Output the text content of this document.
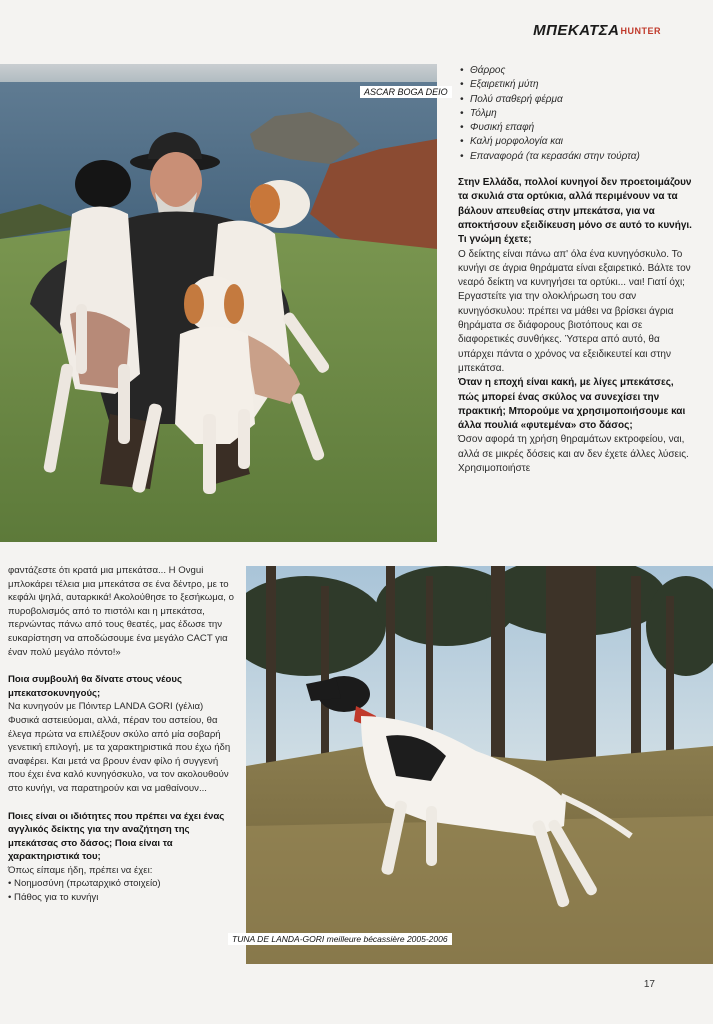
ΜΠΕΚΑΤΣΑHUNTER
ASCAR BOGA DEIO
• Θάρρος
• Εξαιρετική μύτη
• Πολύ σταθερή φέρμα
• Τόλμη
• Φυσική επαφή
• Καλή μορφολογία και
• Επαναφορά (τα κερασάκι στην τούρτα)

Στην Ελλάδα, πολλοί κυνηγοί δεν προετοιμάζουν τα σκυλιά στα ορτύκια, αλλά περιμένουν να τα βάλουν απευθείας στην μπεκάτσα, για να αποκτήσουν εξειδίκευση μόνο σε αυτό το κυνήγι. Τι γνώμη έχετε;

Ο δείκτης είναι πάνω απ' όλα ένα κυνηγόσκυλο. Το κυνήγι σε άγρια θηράματα είναι εξαιρετικό. Βάλτε τον νεαρό δείκτη να κυνηγήσει τα ορτύκι... ναι! Γιατί όχι; Εργαστείτε για την ολοκλήρωση του σαν κυνηγόσκυλου: πρέπει να μάθει να βρίσκει άγρια θηράματα σε διάφορους βιοτόπους και σε διαφορετικές συνθήκες. Ύστερα από αυτό, θα υπάρχει πάντα ο χρόνος να εξειδικευτεί και στην μπεκάτσα.

Όταν η εποχή είναι κακή, με λίγες μπεκάτσες, πώς μπορεί ένας σκύλος να συνεχίσει την πρακτική; Μπορούμε να χρησιμοποιήσουμε και άλλα πουλιά «φυτεμένα» στο δάσος;

Όσον αφορά τη χρήση θηραμάτων εκτροφείου, ναι, αλλά σε μικρές δόσεις και αν δεν έχετε άλλες λύσεις. Χρησιμοποιήστε

φαντάζεστε ότι κρατά μια μπεκάτσα... Η Ονgui μπλοκάρει τέλεια μια μπεκάτσα σε ένα δέντρο, με το κεφάλι ψηλά, αυταρκικά! Ακολούθησε το ξεσήκωμα, ο πυροβολισμός από το πιστόλι και η μπεκάτσα, περνώντας πάνω από τους θεατές, μας έδωσε την ευκαρίστηση να αποδώσουμε ένα μεγάλο CACT για έναν πολύ μεγάλο πόντο!»

Ποια συμβουλή θα δίνατε στους νέους μπεκατσοκυνηγούς;

Να κυνηγούν με Πόιντερ LANDA GORI (γέλια) Φυσικά αστειεύομαι, αλλά, πέραν του αστείου, θα έλεγα πρώτα να επιλέξουν σκύλο από μία σοβαρή γενετική επιλογή, με τα χαρακτηριστικά που έχω ήδη αναφέρει. Και μετά να βρουν έναν φίλο ή συγγενή που έχει ένα καλό κυνηγόσκυλο, να τον ακολουθούν στο κυνήγι, να παρατηρούν και να μαθαίνουν...

Ποιες είναι οι ιδιότητες που πρέπει να έχει ένας αγγλικός δείκτης για την αναζήτηση της μπεκάτσας στο δάσος; Ποια είναι τα χαρακτηριστικά του;

Όπως είπαμε ήδη, πρέπει να έχει:

• Νοημοσύνη (πρωταρχικό στοιχείο)
• Πάθος για το κυνήγι
TUNA DE LANDA-GORI meilleure bécassière 2005-2006
17
